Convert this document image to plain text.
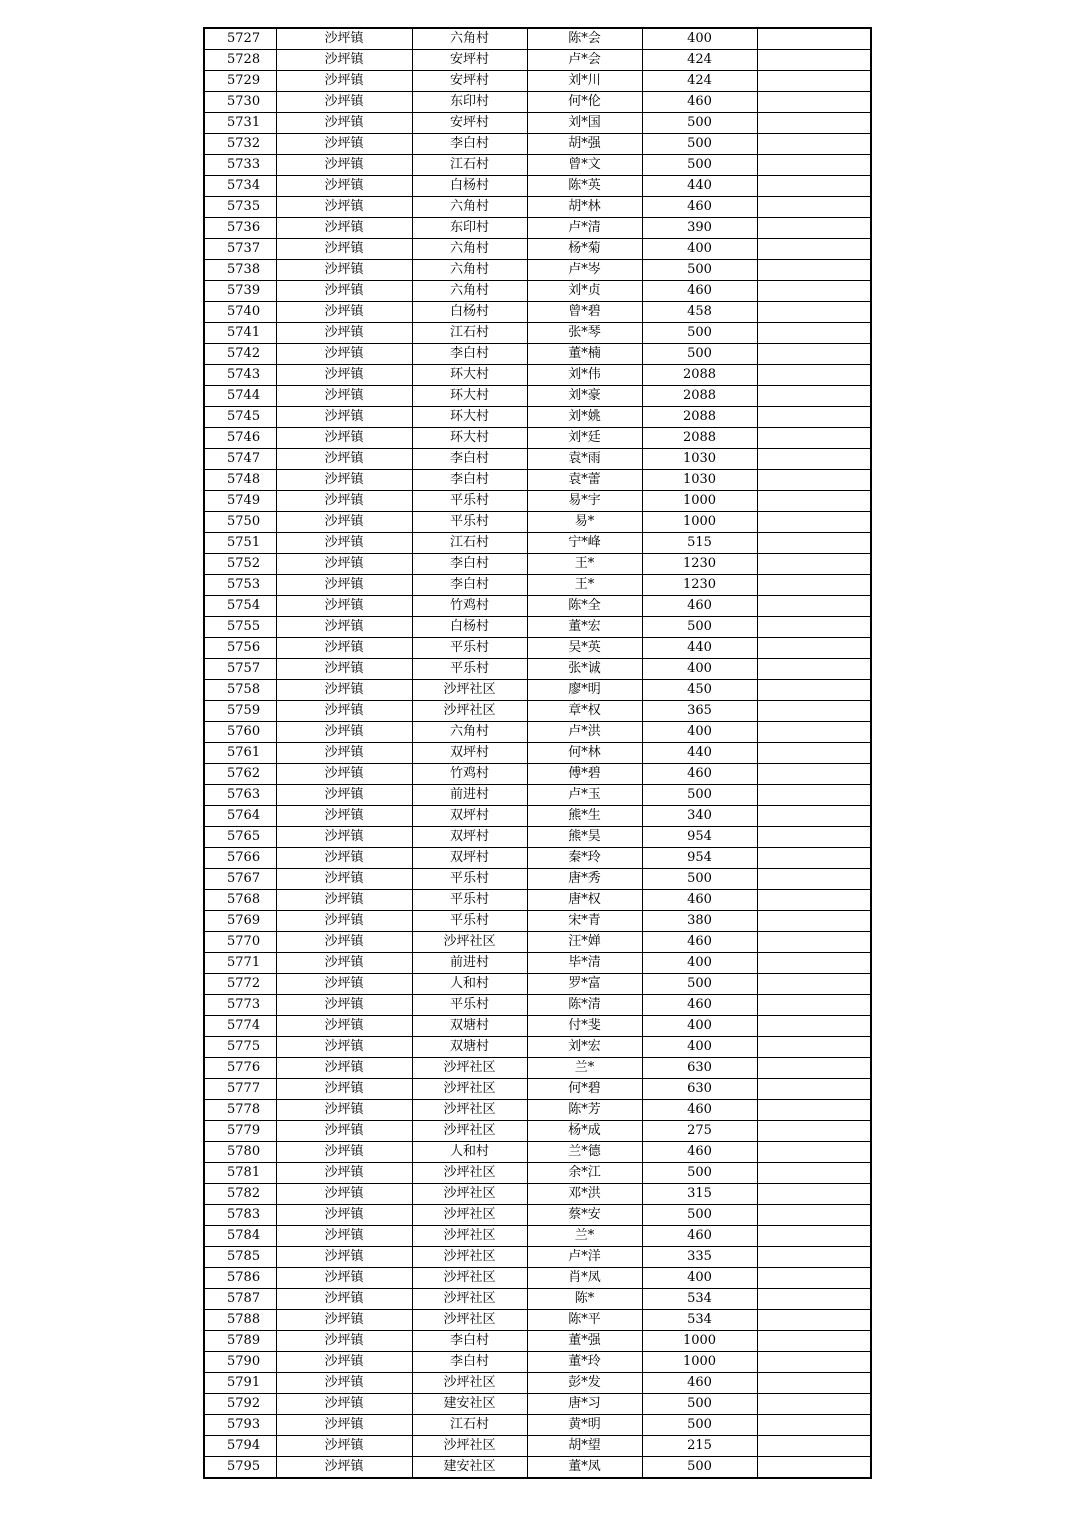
5727	沙坪镇	六角村	陈*会	400	
5728	沙坪镇	安坪村	卢*会	424	
5729	沙坪镇	安坪村	刘*川	424	
5730	沙坪镇	东印村	何*伦	460	
5731	沙坪镇	安坪村	刘*国	500	
5732	沙坪镇	李白村	胡*强	500	
5733	沙坪镇	江石村	曾*文	500	
5734	沙坪镇	白杨村	陈*英	440	
5735	沙坪镇	六角村	胡*林	460	
5736	沙坪镇	东印村	卢*清	390	
5737	沙坪镇	六角村	杨*菊	400	
5738	沙坪镇	六角村	卢*岑	500	
5739	沙坪镇	六角村	刘*贞	460	
5740	沙坪镇	白杨村	曾*碧	458	
5741	沙坪镇	江石村	张*琴	500	
5742	沙坪镇	李白村	董*楠	500	
5743	沙坪镇	环大村	刘*伟	2088	
5744	沙坪镇	环大村	刘*豪	2088	
5745	沙坪镇	环大村	刘*姚	2088	
5746	沙坪镇	环大村	刘*廷	2088	
5747	沙坪镇	李白村	袁*雨	1030	
5748	沙坪镇	李白村	袁*蕾	1030	
5749	沙坪镇	平乐村	易*宇	1000	
5750	沙坪镇	平乐村	易*	1000	
5751	沙坪镇	江石村	宁*峰	515	
5752	沙坪镇	李白村	王*	1230	
5753	沙坪镇	李白村	王*	1230	
5754	沙坪镇	竹鸡村	陈*全	460	
5755	沙坪镇	白杨村	董*宏	500	
5756	沙坪镇	平乐村	吴*英	440	
5757	沙坪镇	平乐村	张*诚	400	
5758	沙坪镇	沙坪社区	廖*明	450	
5759	沙坪镇	沙坪社区	章*权	365	
5760	沙坪镇	六角村	卢*洪	400	
5761	沙坪镇	双坪村	何*林	440	
5762	沙坪镇	竹鸡村	傅*碧	460	
5763	沙坪镇	前进村	卢*玉	500	
5764	沙坪镇	双坪村	熊*生	340	
5765	沙坪镇	双坪村	熊*昊	954	
5766	沙坪镇	双坪村	秦*玲	954	
5767	沙坪镇	平乐村	唐*秀	500	
5768	沙坪镇	平乐村	唐*权	460	
5769	沙坪镇	平乐村	宋*青	380	
5770	沙坪镇	沙坪社区	汪*婵	460	
5771	沙坪镇	前进村	毕*清	400	
5772	沙坪镇	人和村	罗*富	500	
5773	沙坪镇	平乐村	陈*清	460	
5774	沙坪镇	双塘村	付*斐	400	
5775	沙坪镇	双塘村	刘*宏	400	
5776	沙坪镇	沙坪社区	兰*	630	
5777	沙坪镇	沙坪社区	何*碧	630	
5778	沙坪镇	沙坪社区	陈*芳	460	
5779	沙坪镇	沙坪社区	杨*成	275	
5780	沙坪镇	人和村	兰*德	460	
5781	沙坪镇	沙坪社区	余*江	500	
5782	沙坪镇	沙坪社区	邓*洪	315	
5783	沙坪镇	沙坪社区	蔡*安	500	
5784	沙坪镇	沙坪社区	兰*	460	
5785	沙坪镇	沙坪社区	卢*洋	335	
5786	沙坪镇	沙坪社区	肖*凤	400	
5787	沙坪镇	沙坪社区	陈*	534	
5788	沙坪镇	沙坪社区	陈*平	534	
5789	沙坪镇	李白村	董*强	1000	
5790	沙坪镇	李白村	董*玲	1000	
5791	沙坪镇	沙坪社区	彭*发	460	
5792	沙坪镇	建安社区	唐*习	500	
5793	沙坪镇	江石村	黄*明	500	
5794	沙坪镇	沙坪社区	胡*望	215	
5795	沙坪镇	建安社区	董*凤	500	
